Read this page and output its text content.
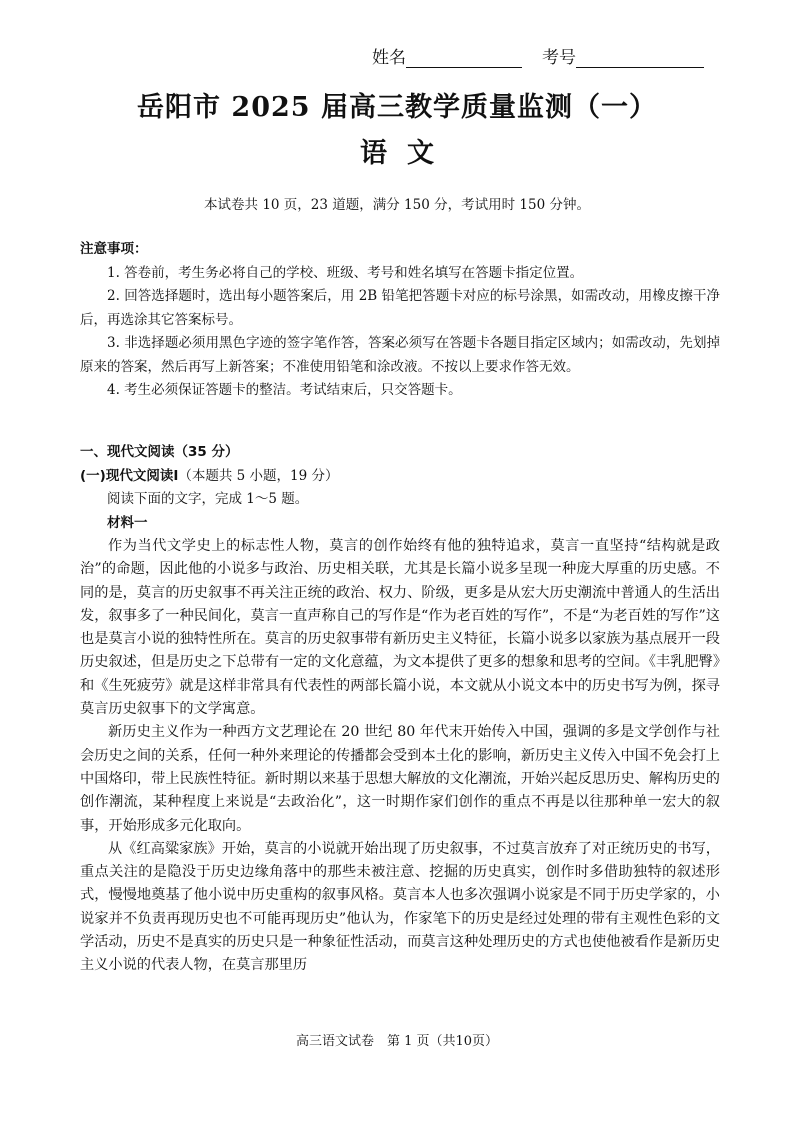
姓名	考号
岳阳市 2025 届高三教学质量监测（一）
语文
本试卷共 10 页，23 道题，满分 150 分，考试用时 150 分钟。
注意事项：

1. 答卷前，考生务必将自己的学校、班级、考号和姓名填写在答题卡指定位置。

2. 回答选择题时，选出每小题答案后，用 2B 铅笔把答题卡对应的标号涂黑，如需改动，用橡皮擦干净后，再选涂其它答案标号。

3. 非选择题必须用黑色字迹的签字笔作答，答案必须写在答题卡各题目指定区域内；如需改动，先划掉原来的答案，然后再写上新答案；不准使用铅笔和涂改液。不按以上要求作答无效。

4. 考生必须保证答题卡的整洁。考试结束后，只交答题卡。

一、现代文阅读（35 分）

(一)现代文阅读Ⅰ（本题共 5 小题，19 分）

阅读下面的文字，完成 1～5 题。

材料一

作为当代文学史上的标志性人物，莫言的创作始终有他的独特追求，莫言一直坚持“结构就是政治”的命题，因此他的小说多与政治、历史相关联，尤其是长篇小说多呈现一种庞大厚重的历史感。不同的是，莫言的历史叙事不再关注正统的政治、权力、阶级，更多是从宏大历史潮流中普通人的生活出发，叙事多了一种民间化，莫言一直声称自己的写作是“作为老百姓的写作”，不是“为老百姓的写作”这也是莫言小说的独特性所在。莫言的历史叙事带有新历史主义特征，长篇小说多以家族为基点展开一段历史叙述，但是历史之下总带有一定的文化意蕴，为文本提供了更多的想象和思考的空间。《丰乳肥臀》和《生死疲劳》就是这样非常具有代表性的两部长篇小说，本文就从小说文本中的历史书写为例，探寻莫言历史叙事下的文学寓意。

新历史主义作为一种西方文艺理论在 20 世纪 80 年代末开始传入中国，强调的多是文学创作与社会历史之间的关系，任何一种外来理论的传播都会受到本土化的影响，新历史主义传入中国不免会打上中国烙印，带上民族性特征。新时期以来基于思想大解放的文化潮流，开始兴起反思历史、解构历史的创作潮流，某种程度上来说是“去政治化”，这一时期作家们创作的重点不再是以往那种单一宏大的叙事，开始形成多元化取向。

从《红高粱家族》开始，莫言的小说就开始出现了历史叙事，不过莫言放弃了对正统历史的书写，重点关注的是隐没于历史边缘角落中的那些未被注意、挖掘的历史真实，创作时多借助独特的叙述形式，慢慢地奠基了他小说中历史重构的叙事风格。莫言本人也多次强调小说家是不同于历史学家的，小说家并不负责再现历史也不可能再现历史”他认为，作家笔下的历史是经过处理的带有主观性色彩的文学活动，历史不是真实的历史只是一种象征性活动，而莫言这种处理历史的方式也使他被看作是新历史主义小说的代表人物，在莫言那里历

高三语文试卷　第 1 页（共10页）
